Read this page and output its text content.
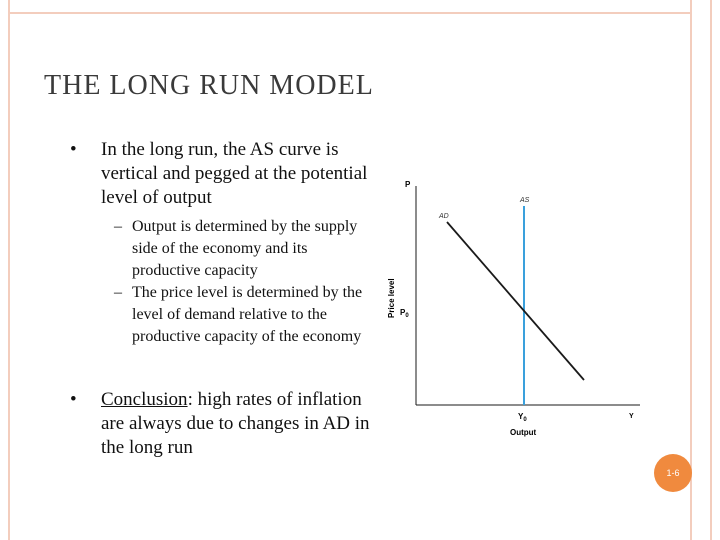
THE LONG RUN MODEL
• In the long run, the AS curve is vertical and pegged at the potential level of output
– Output is determined by the supply side of the economy and its productive capacity
– The price level is determined by the level of demand relative to the productive capacity of the economy
• Conclusion: high rates of inflation are always due to changes in AD in the long run
P
Y
Price level
Output
AS
AD
$P_0$
$Y_0$
1-6
